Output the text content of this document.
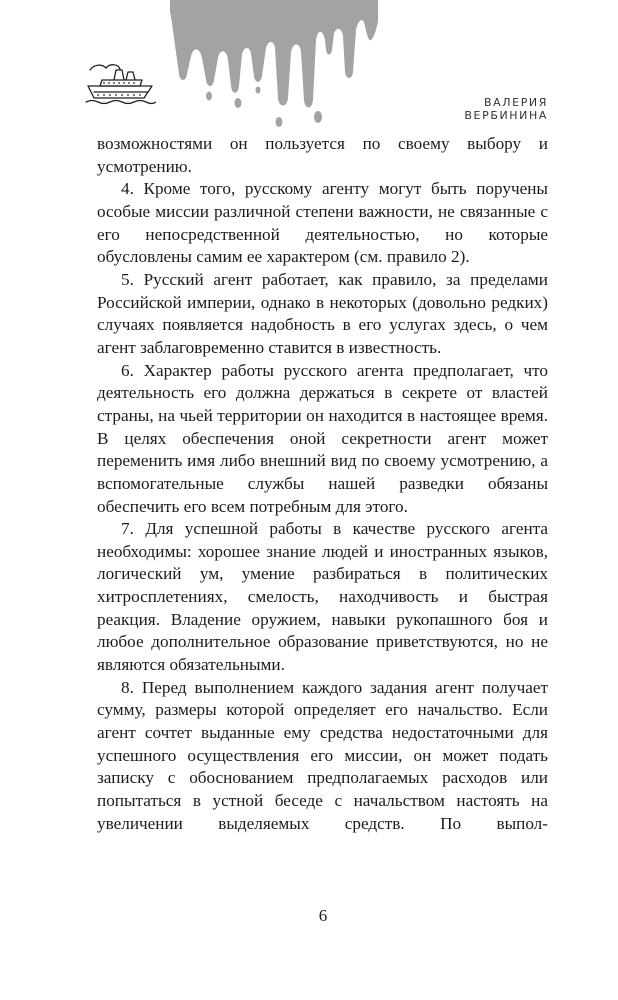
ВАЛЕРИЯ ВЕРБИНИНА

возможностями он пользуется по своему выбору и усмотрению.

4. Кроме того, русскому агенту могут быть поручены особые миссии различной степени важности, не связанные с его непосредственной деятельностью, но которые обусловлены самим ее характером (см. правило 2).

5. Русский агент работает, как правило, за пределами Российской империи, однако в некоторых (довольно редких) случаях появляется надобность в его услугах здесь, о чем агент заблаговременно ставится в известность.

6. Характер работы русского агента предполагает, что деятельность его должна держаться в секрете от властей страны, на чьей территории он находится в настоящее время. В целях обеспечения оной секретности агент может переменить имя либо внешний вид по своему усмотрению, а вспомогательные службы нашей разведки обязаны обеспечить его всем потребным для этого.

7. Для успешной работы в качестве русского агента необходимы: хорошее знание людей и иностранных языков, логический ум, умение разбираться в политических хитросплетениях, смелость, находчивость и быстрая реакция. Владение оружием, навыки рукопашного боя и любое дополнительное образование приветствуются, но не являются обязательными.

8. Перед выполнением каждого задания агент получает сумму, размеры которой определяет его начальство. Если агент сочтет выданные ему средства недостаточными для успешного осуществления его миссии, он может подать записку с обоснованием предполагаемых расходов или попытаться в устной беседе с начальством настоять на увеличении выделяемых средств. По выпол-

6
